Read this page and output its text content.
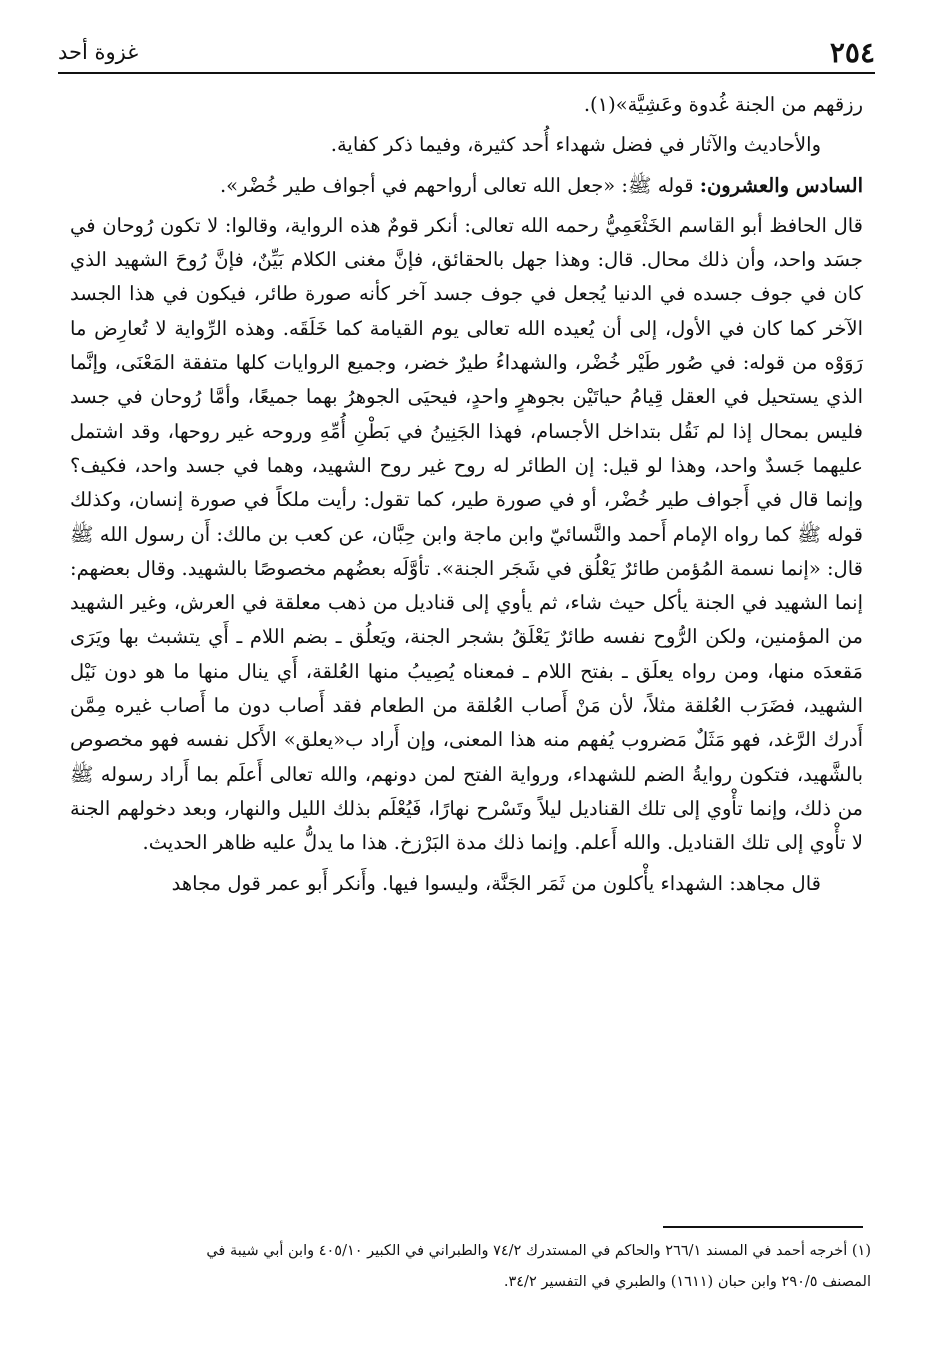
٢٥٤
غزوة أحد

رزقهم من الجنة غُدوة وعَشِيَّة»(١).

والأحاديث والآثار في فضل شهداء أُحد كثيرة، وفيما ذكر كفاية.

السادس والعشرون: قوله ﷺ: «جعل الله تعالى أرواحهم في أجواف طير خُضْر».

قال الحافظ أبو القاسم الخَثْعَمِيُّ رحمه الله تعالى: أنكر قومٌ هذه الرواية، وقالوا: لا تكون رُوحان في جسَد واحد، وأن ذلك محال. قال: وهذا جهل بالحقائق، فإنَّ مغنى الكلام بَيِّنٌ، فإنَّ رُوحَ الشهيد الذي كان في جوف جسده في الدنيا يُجعل في جوف جسد آخر كأنه صورة طائر، فيكون في هذا الجسد الآخر كما كان في الأول، إلى أن يُعيده الله تعالى يوم القيامة كما خَلَقَه. وهذه الرِّواية لا تُعارِض ما رَوَوْه من قوله: في صُور طَيْر خُضْر، والشهداءُ طيرٌ خضر، وجميع الروايات كلها متفقة المَعْنَى، وإنَّما الذي يستحيل في العقل قِيامُ حياتَيْن بجوهرٍ واحدٍ، فيحيَى الجوهرُ بهما جميعًا، وأمَّا رُوحان في جسد فليس بمحال إذا لم نَقُل بتداخل الأجسام، فهذا الجَنِينُ في بَطْنِ أُمِّهِ وروحه غير روحها، وقد اشتمل عليهما جَسدٌ واحد، وهذا لو قيل: إن الطائر له روح غير روح الشهيد، وهما في جسد واحد، فكيف؟ وإنما قال في أَجواف طير خُضْر، أو في صورة طير، كما تقول: رأيت ملكاً في صورة إنسان، وكذلك قوله ﷺ كما رواه الإمام أَحمد والنَّسائيّ وابن ماجة وابن حِبَّان، عن كعب بن مالك: أَن رسول الله ﷺ قال: «إنما نسمة المُؤمن طائرٌ يَعْلُق في شَجَر الجنة». تأوَّلَه بعضُهم مخصوصًا بالشهيد. وقال بعضهم: إنما الشهيد في الجنة يأكل حيث شاء، ثم يأوي إلى قناديل من ذهب معلقة في العرش، وغير الشهيد من المؤمنين، ولكن الرُّوح نفسه طائرٌ يَعْلَقُ بشجر الجنة، ويَعلُق ـ بضم اللام ـ أَي يتشبث بها ويَرَى مَقعدَه منها، ومن رواه يعلَق ـ بفتح اللام ـ فمعناه يُصِيبُ منها العُلقة، أَي ينال منها ما هو دون نَيْل الشهيد، فضَرَب العُلقة مثلاً، لأن مَنْ أَصاب العُلقة من الطعام فقد أَصاب دون ما أَصاب غيره مِمَّن أَدرك الرَّغد، فهو مَثَلٌ مَضروب يُفهم منه هذا المعنى، وإن أَراد ب«يعلق» الأَكل نفسه فهو مخصوص بالشَّهيد، فتكون روايةُ الضم للشهداء، ورواية الفتح لمن دونهم، والله تعالى أَعلَم بما أَراد رسوله ﷺ من ذلك، وإنما تأْوي إلى تلك القناديل ليلاً وتَسْرح نهارًا، فَيُعْلَم بذلك الليل والنهار، وبعد دخولهم الجنة لا تأْوي إلى تلك القناديل. والله أَعلم. وإنما ذلك مدة البَرْزخ. هذا ما يدلُّ عليه ظاهر الحديث.

قال مجاهد: الشهداء يأْكلون من ثَمَر الجَنَّة، وليسوا فيها. وأَنكر أَبو عمر قول مجاهد

(١) أخرجه أحمد في المسند ٢٦٦/١ والحاكم في المستدرك ٧٤/٢ والطبراني في الكبير ٤٠٥/١٠ وابن أبي شيبة في

المصنف ٢٩٠/٥ وابن حبان (١٦١١) والطبري في التفسير ٣٤/٢.
